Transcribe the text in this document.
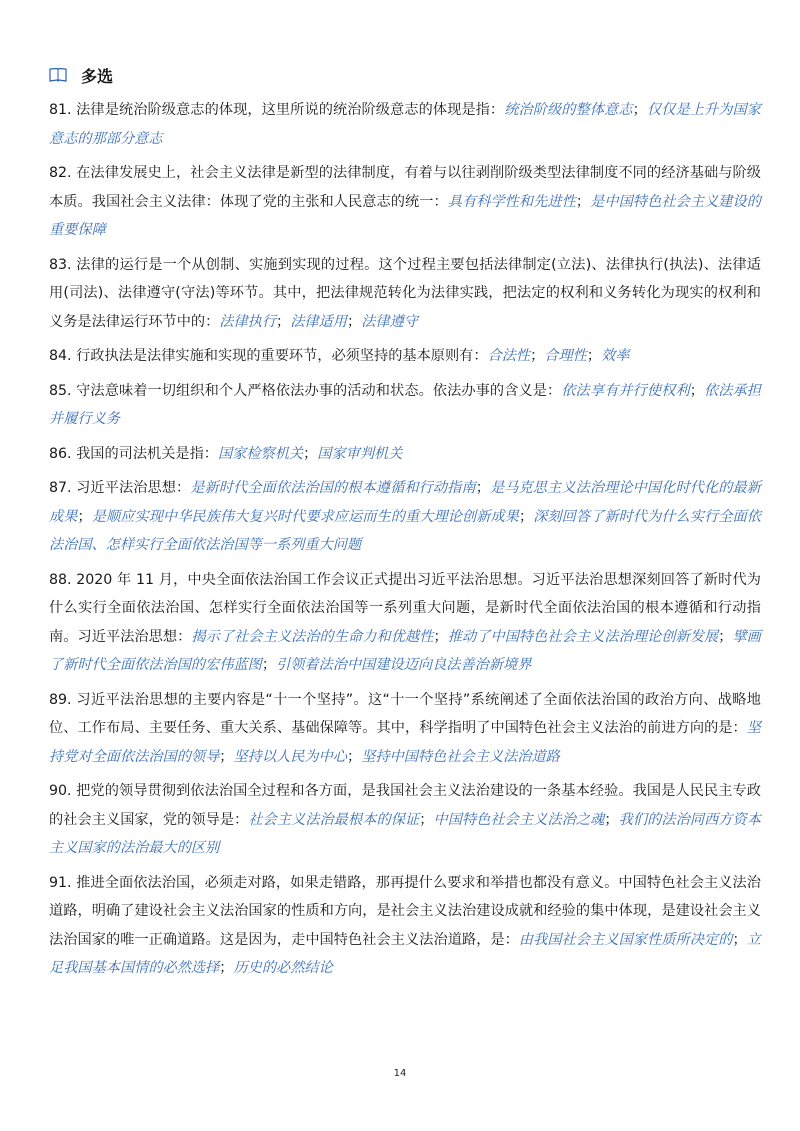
多选

81. 法律是统治阶级意志的体现，这里所说的统治阶级意志的体现是指：统治阶级的整体意志；仅仅是上升为国家意志的那部分意志

82. 在法律发展史上，社会主义法律是新型的法律制度，有着与以往剥削阶级类型法律制度不同的经济基础与阶级本质。我国社会主义法律：体现了党的主张和人民意志的统一：具有科学性和先进性；是中国特色社会主义建设的重要保障

83. 法律的运行是一个从创制、实施到实现的过程。这个过程主要包括法律制定(立法)、法律执行(执法)、法律适用(司法)、法律遵守(守法)等环节。其中，把法律规范转化为法律实践，把法定的权利和义务转化为现实的权利和义务是法律运行环节中的：法律执行；法律适用；法律遵守

84. 行政执法是法律实施和实现的重要环节，必须坚持的基本原则有：合法性；合理性；效率

85. 守法意味着一切组织和个人严格依法办事的活动和状态。依法办事的含义是：依法享有并行使权利；依法承担并履行义务

86. 我国的司法机关是指：国家检察机关；国家审判机关

87. 习近平法治思想：是新时代全面依法治国的根本遵循和行动指南；是马克思主义法治理论中国化时代化的最新成果；是顺应实现中华民族伟大复兴时代要求应运而生的重大理论创新成果；深刻回答了新时代为什么实行全面依法治国、怎样实行全面依法治国等一系列重大问题

88. 2020 年 11 月，中央全面依法治国工作会议正式提出习近平法治思想。习近平法治思想深刻回答了新时代为什么实行全面依法治国、怎样实行全面依法治国等一系列重大问题，是新时代全面依法治国的根本遵循和行动指南。习近平法治思想：揭示了社会主义法治的生命力和优越性；推动了中国特色社会主义法治理论创新发展；擘画了新时代全面依法治国的宏伟蓝图；引领着法治中国建设迈向良法善治新境界

89. 习近平法治思想的主要内容是“十一个坚持”。这“十一个坚持”系统阐述了全面依法治国的政治方向、战略地位、工作布局、主要任务、重大关系、基础保障等。其中，科学指明了中国特色社会主义法治的前进方向的是：坚持党对全面依法治国的领导；坚持以人民为中心；坚持中国特色社会主义法治道路

90. 把党的领导贯彻到依法治国全过程和各方面，是我国社会主义法治建设的一条基本经验。我国是人民民主专政的社会主义国家，党的领导是：社会主义法治最根本的保证；中国特色社会主义法治之魂；我们的法治同西方资本主义国家的法治最大的区别

91. 推进全面依法治国，必须走对路，如果走错路，那再提什么要求和举措也都没有意义。中国特色社会主义法治道路，明确了建设社会主义法治国家的性质和方向，是社会主义法治建设成就和经验的集中体现，是建设社会主义法治国家的唯一正确道路。这是因为，走中国特色社会主义法治道路，是：由我国社会主义国家性质所决定的；立足我国基本国情的必然选择；历史的必然结论

14
